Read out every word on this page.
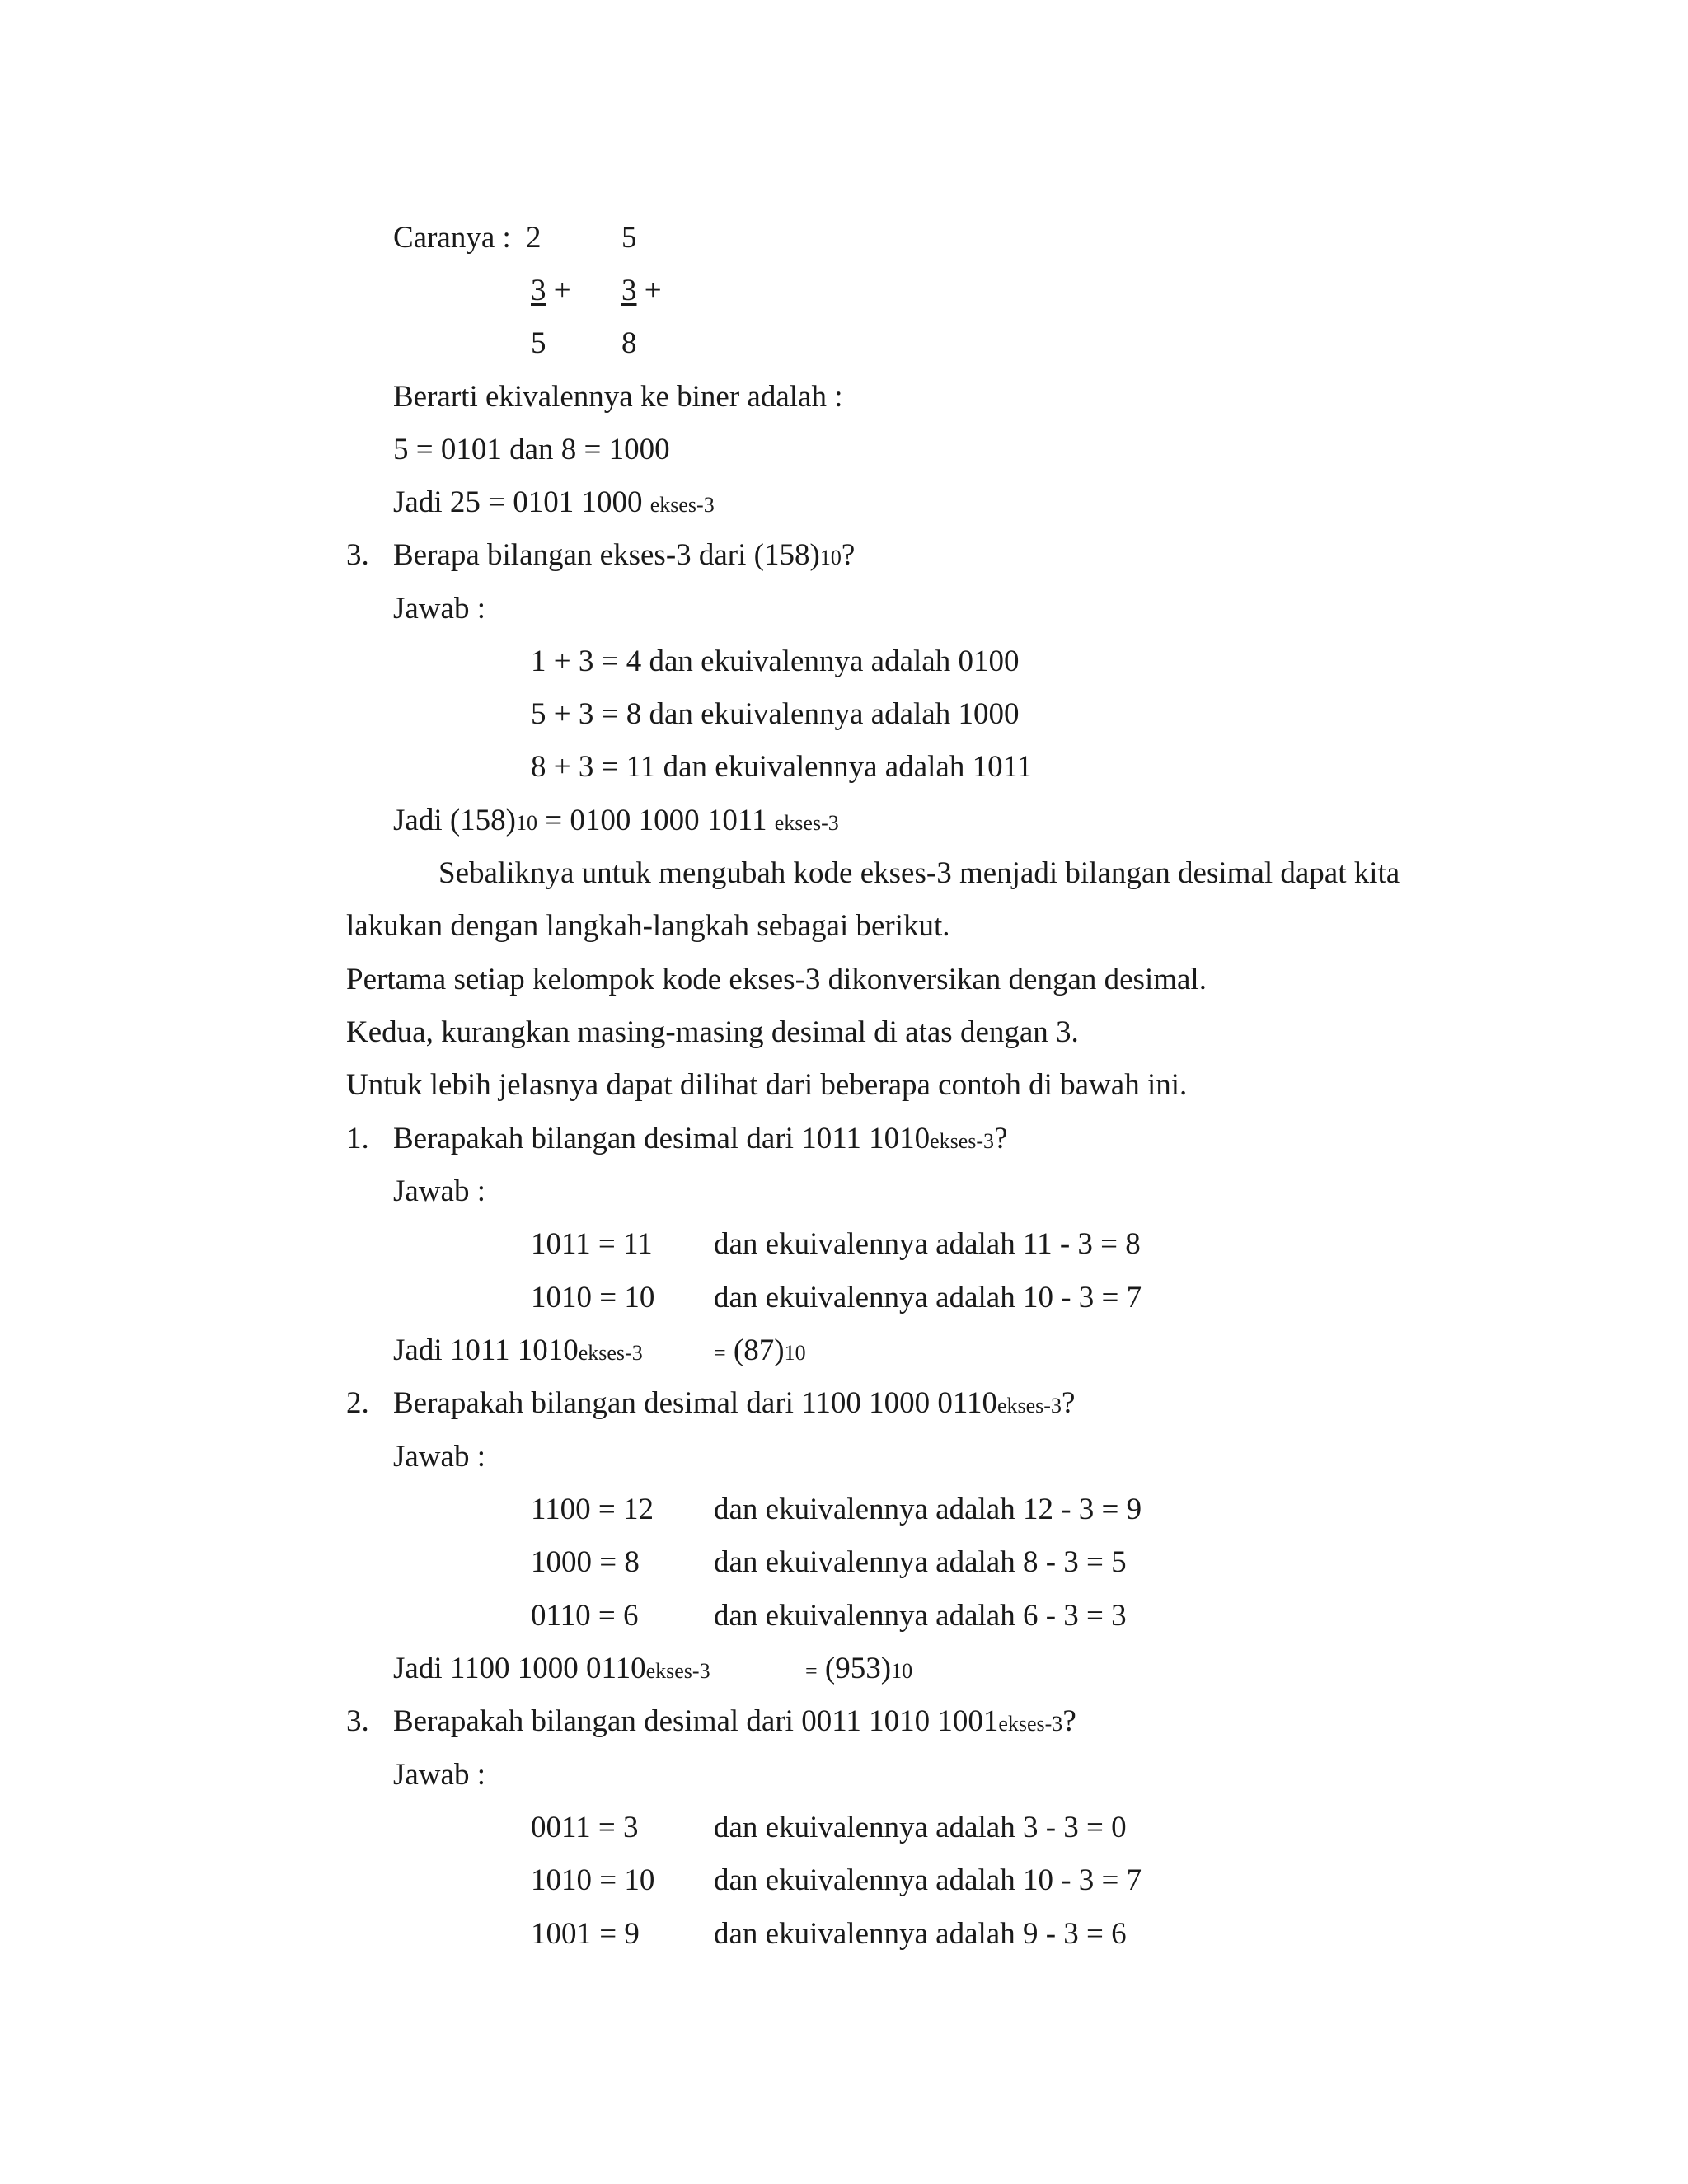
Caranya : 2	5
3 + 3 +
5 8
Berarti ekivalennya ke biner adalah :
5 = 0101 dan 8 = 1000
Jadi 25 = 0101 1000 ekses-3
3. Berapa bilangan ekses-3 dari (158)10?
Jawab :
1 + 3 = 4 dan ekuivalennya adalah 0100
5 + 3 = 8 dan ekuivalennya adalah 1000
8 + 3 = 11 dan ekuivalennya adalah 1011
Jadi (158)10 = 0100 1000 1011 ekses-3
Sebaliknya untuk mengubah kode ekses-3 menjadi bilangan desimal dapat kita
lakukan dengan langkah-langkah sebagai berikut.
Pertama setiap kelompok kode ekses-3 dikonversikan dengan desimal.
Kedua, kurangkan masing-masing desimal di atas dengan 3.
Untuk lebih jelasnya dapat dilihat dari beberapa contoh di bawah ini.
1. Berapakah bilangan desimal dari 1011 1010ekses-3?
Jawab :
1011 = 11 dan ekuivalennya adalah 11 - 3 = 8
1010 = 10 dan ekuivalennya adalah 10 - 3 = 7
Jadi 1011 1010ekses-3	= (87)10
2. Berapakah bilangan desimal dari 1100 1000 0110ekses-3?
Jawab :
1100 = 12 dan ekuivalennya adalah 12 - 3 = 9
1000 = 8 dan ekuivalennya adalah 8 - 3 = 5
0110 = 6 dan ekuivalennya adalah 6 - 3 = 3
Jadi 1100 1000 0110ekses-3	= (953)10
3. Berapakah bilangan desimal dari 0011 1010 1001ekses-3?
Jawab :
0011 = 3 dan ekuivalennya adalah 3 - 3 = 0
1010 = 10 dan ekuivalennya adalah 10 - 3 = 7
1001 = 9 dan ekuivalennya adalah 9 - 3 = 6
